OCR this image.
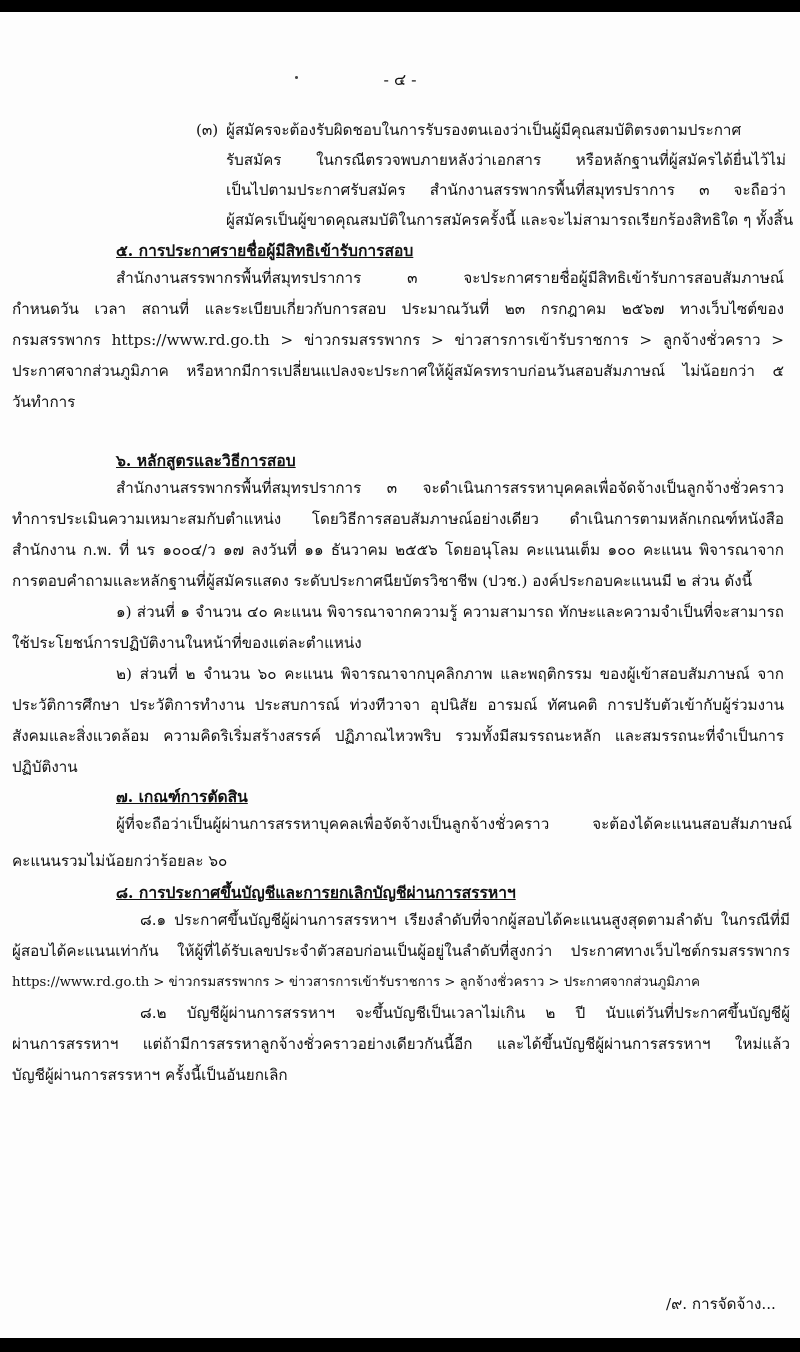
- ๔ -
(๓) ผู้สมัครจะต้องรับผิดชอบในการรับรองตนเองว่าเป็นผู้มีคุณสมบัติตรงตามประกาศ
รับสมัคร ในกรณีตรวจพบภายหลังว่าเอกสาร หรือหลักฐานที่ผู้สมัครได้ยื่นไว้ไม่
เป็นไปตามประกาศรับสมัคร สำนักงานสรรพากรพื้นที่สมุทรปราการ ๓ จะถือว่า
ผู้สมัครเป็นผู้ขาดคุณสมบัติในการสมัครครั้งนี้ และจะไม่สามารถเรียกร้องสิทธิใด ๆ ทั้งสิ้น
๕. การประกาศรายชื่อผู้มีสิทธิเข้ารับการสอบ
สำนักงานสรรพากรพื้นที่สมุทรปราการ ๓ จะประกาศรายชื่อผู้มีสิทธิเข้ารับการสอบสัมภาษณ์
กำหนดวัน เวลา สถานที่ และระเบียบเกี่ยวกับการสอบ ประมาณวันที่ ๒๓ กรกฎาคม ๒๕๖๗ ทางเว็บไซต์ของ
กรมสรรพากร https://www.rd.go.th > ข่าวกรมสรรพากร > ข่าวสารการเข้ารับราชการ > ลูกจ้างชั่วคราว >
ประกาศจากส่วนภูมิภาค หรือหากมีการเปลี่ยนแปลงจะประกาศให้ผู้สมัครทราบก่อนวันสอบสัมภาษณ์ ไม่น้อยกว่า ๕
วันทำการ
๖. หลักสูตรและวิธีการสอบ
สำนักงานสรรพากรพื้นที่สมุทรปราการ ๓ จะดำเนินการสรรหาบุคคลเพื่อจัดจ้างเป็นลูกจ้างชั่วคราว
ทำการประเมินความเหมาะสมกับตำแหน่ง โดยวิธีการสอบสัมภาษณ์อย่างเดียว ดำเนินการตามหลักเกณฑ์หนังสือ
สำนักงาน ก.พ. ที่ นร ๑๐๐๔/ว ๑๗ ลงวันที่ ๑๑ ธันวาคม ๒๕๕๖ โดยอนุโลม คะแนนเต็ม ๑๐๐ คะแนน พิจารณาจาก
การตอบคำถามและหลักฐานที่ผู้สมัครแสดง ระดับประกาศนียบัตรวิชาชีพ (ปวช.) องค์ประกอบคะแนนมี ๒ ส่วน ดังนี้
๑) ส่วนที่ ๑ จำนวน ๔๐ คะแนน พิจารณาจากความรู้ ความสามารถ ทักษะและความจำเป็นที่จะสามารถ
ใช้ประโยชน์การปฏิบัติงานในหน้าที่ของแต่ละตำแหน่ง
๒) ส่วนที่ ๒ จำนวน ๖๐ คะแนน พิจารณาจากบุคลิกภาพ และพฤติกรรม ของผู้เข้าสอบสัมภาษณ์ จาก
ประวัติการศึกษา ประวัติการทำงาน ประสบการณ์ ท่วงทีวาจา อุปนิสัย อารมณ์ ทัศนคติ การปรับตัวเข้ากับผู้ร่วมงาน
สังคมและสิ่งแวดล้อม ความคิดริเริ่มสร้างสรรค์ ปฏิภาณไหวพริบ รวมทั้งมีสมรรถนะหลัก และสมรรถนะที่จำเป็นการ
ปฏิบัติงาน
๗. เกณฑ์การตัดสิน
ผู้ที่จะถือว่าเป็นผู้ผ่านการสรรหาบุคคลเพื่อจัดจ้างเป็นลูกจ้างชั่วคราว จะต้องได้คะแนนสอบสัมภาษณ์
คะแนนรวมไม่น้อยกว่าร้อยละ ๖๐
๘. การประกาศขึ้นบัญชีและการยกเลิกบัญชีผ่านการสรรหาฯ
๘.๑ ประกาศขึ้นบัญชีผู้ผ่านการสรรหาฯ เรียงลำดับที่จากผู้สอบได้คะแนนสูงสุดตามลำดับ ในกรณีที่มี
ผู้สอบได้คะแนนเท่ากัน ให้ผู้ที่ได้รับเลขประจำตัวสอบก่อนเป็นผู้อยู่ในลำดับที่สูงกว่า ประกาศทางเว็บไซต์กรมสรรพากร
https://www.rd.go.th > ข่าวกรมสรรพากร > ข่าวสารการเข้ารับราชการ > ลูกจ้างชั่วคราว > ประกาศจากส่วนภูมิภาค
๘.๒ บัญชีผู้ผ่านการสรรหาฯ จะขึ้นบัญชีเป็นเวลาไม่เกิน ๒ ปี นับแต่วันที่ประกาศขึ้นบัญชีผู้
ผ่านการสรรหาฯ แต่ถ้ามีการสรรหาลูกจ้างชั่วคราวอย่างเดียวกันนี้อีก และได้ขึ้นบัญชีผู้ผ่านการสรรหาฯ ใหม่แล้ว
บัญชีผู้ผ่านการสรรหาฯ ครั้งนี้เป็นอันยกเลิก
/๙. การจัดจ้าง...
